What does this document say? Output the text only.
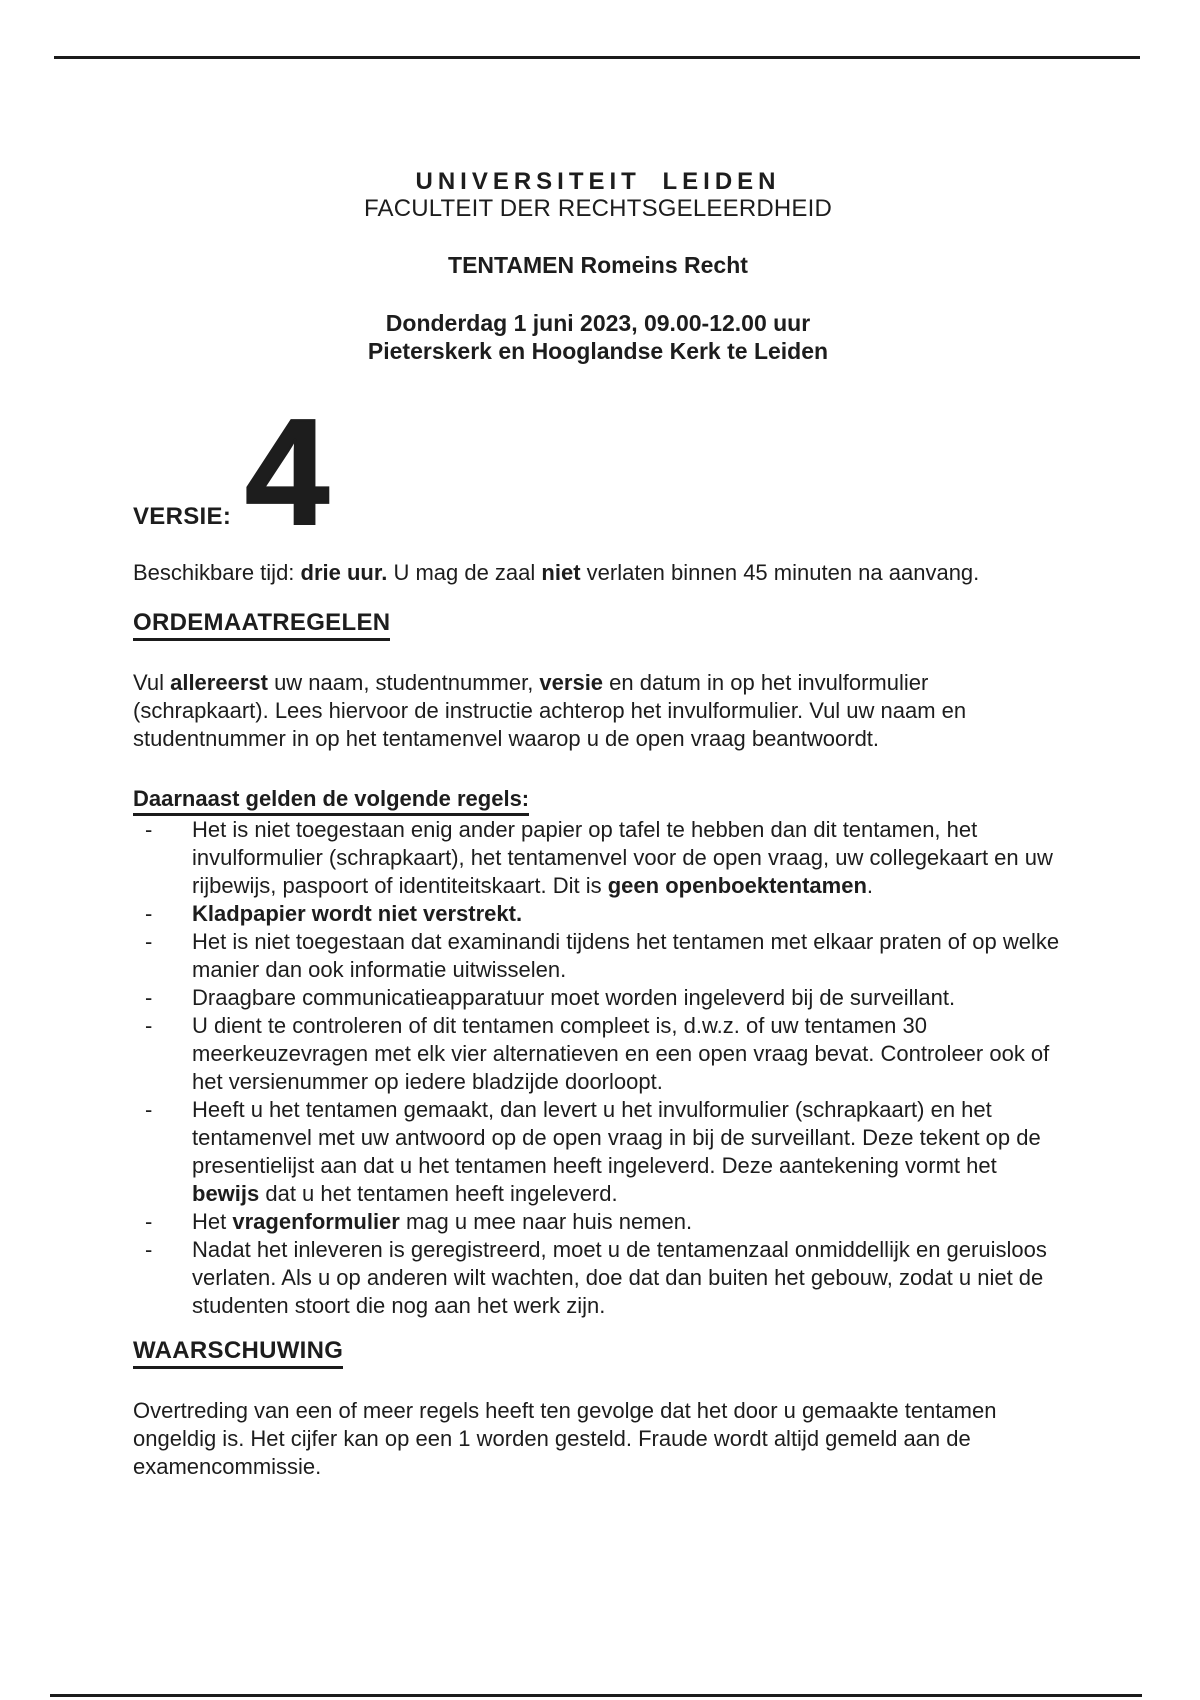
UNIVERSITEIT LEIDEN
FACULTEIT DER RECHTSGELEERDHEID
TENTAMEN Romeins Recht
Donderdag 1 juni 2023, 09.00-12.00 uur
Pieterskerk en Hooglandse Kerk te Leiden
VERSIE:4

Beschikbare tijd: drie uur. U mag de zaal niet verlaten binnen 45 minuten na aanvang.

ORDEMAATREGELEN

Vul allereerst uw naam, studentnummer, versie en datum in op het invulformulier (schrapkaart). Lees hiervoor de instructie achterop het invulformulier. Vul uw naam en studentnummer in op het tentamenvel waarop u de open vraag beantwoordt.

Daarnaast gelden de volgende regels:
-	Het is niet toegestaan enig ander papier op tafel te hebben dan dit tentamen, het invulformulier (schrapkaart), het tentamenvel voor de open vraag, uw collegekaart en uw rijbewijs, paspoort of identiteitskaart. Dit is geen openboektentamen.
-	Kladpapier wordt niet verstrekt.
-	Het is niet toegestaan dat examinandi tijdens het tentamen met elkaar praten of op welke manier dan ook informatie uitwisselen.
-	Draagbare communicatieapparatuur moet worden ingeleverd bij de surveillant.
-	U dient te controleren of dit tentamen compleet is, d.w.z. of uw tentamen 30 meerkeuzevragen met elk vier alternatieven en een open vraag bevat. Controleer ook of het versienummer op iedere bladzijde doorloopt.
-	Heeft u het tentamen gemaakt, dan levert u het invulformulier (schrapkaart) en het tentamenvel met uw antwoord op de open vraag in bij de surveillant. Deze tekent op de presentielijst aan dat u het tentamen heeft ingeleverd. Deze aantekening vormt het bewijs dat u het tentamen heeft ingeleverd.
-	Het vragenformulier mag u mee naar huis nemen.
-	Nadat het inleveren is geregistreerd, moet u de tentamenzaal onmiddellijk en geruisloos verlaten. Als u op anderen wilt wachten, doe dat dan buiten het gebouw, zodat u niet de studenten stoort die nog aan het werk zijn.
WAARSCHUWING

Overtreding van een of meer regels heeft ten gevolge dat het door u gemaakte tentamen ongeldig is. Het cijfer kan op een 1 worden gesteld. Fraude wordt altijd gemeld aan de examencommissie.
